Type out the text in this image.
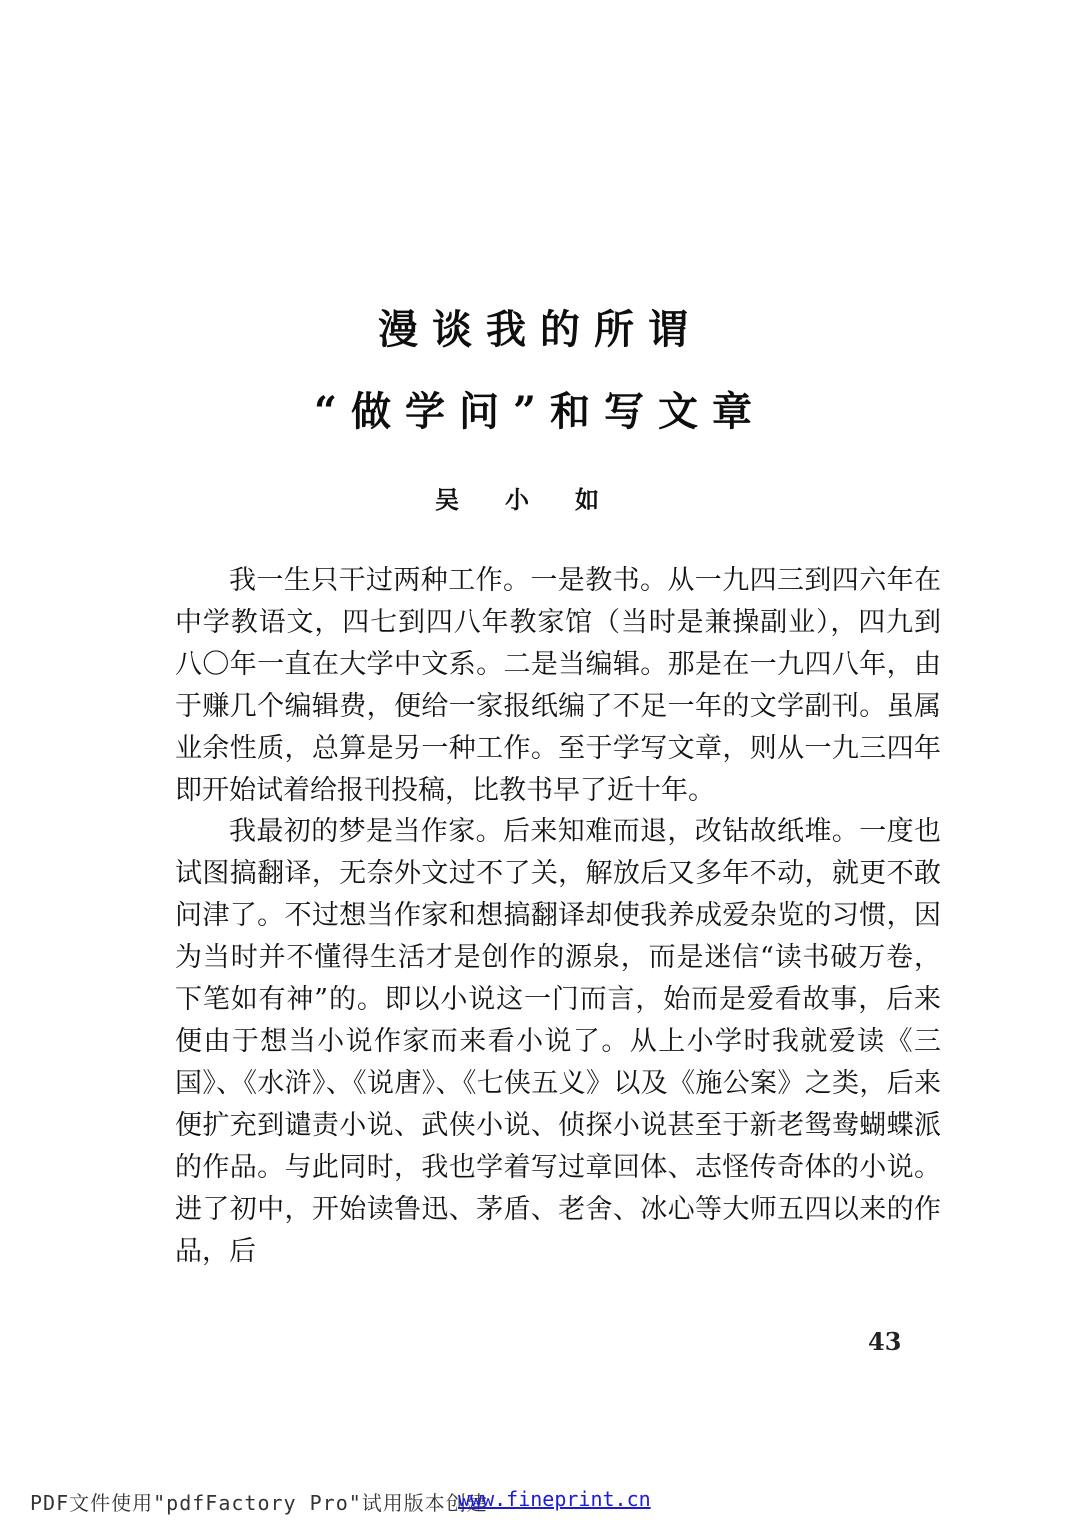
漫谈我的所谓
“做学问”和写文章
吴小如

我一生只干过两种工作。一是教书。从一九四三到四六年在中学教语文，四七到四八年教家馆（当时是兼操副业），四九到八〇年一直在大学中文系。二是当编辑。那是在一九四八年，由于赚几个编辑费，便给一家报纸编了不足一年的文学副刊。虽属业余性质，总算是另一种工作。至于学写文章，则从一九三四年即开始试着给报刊投稿，比教书早了近十年。

我最初的梦是当作家。后来知难而退，改钻故纸堆。一度也试图搞翻译，无奈外文过不了关，解放后又多年不动，就更不敢问津了。不过想当作家和想搞翻译却使我养成爱杂览的习惯，因为当时并不懂得生活才是创作的源泉，而是迷信“读书破万卷，下笔如有神”的。即以小说这一门而言，始而是爱看故事，后来便由于想当小说作家而来看小说了。从上小学时我就爱读《三国》、《水浒》、《说唐》、《七侠五义》以及《施公案》之类，后来便扩充到谴责小说、武侠小说、侦探小说甚至于新老鸳鸯蝴蝶派的作品。与此同时，我也学着写过章回体、志怪传奇体的小说。进了初中，开始读鲁迅、茅盾、老舍、冰心等大师五四以来的作品，后

43
PDF文件使用"pdfFactory Pro"试用版本创建
www.fineprint.cn
